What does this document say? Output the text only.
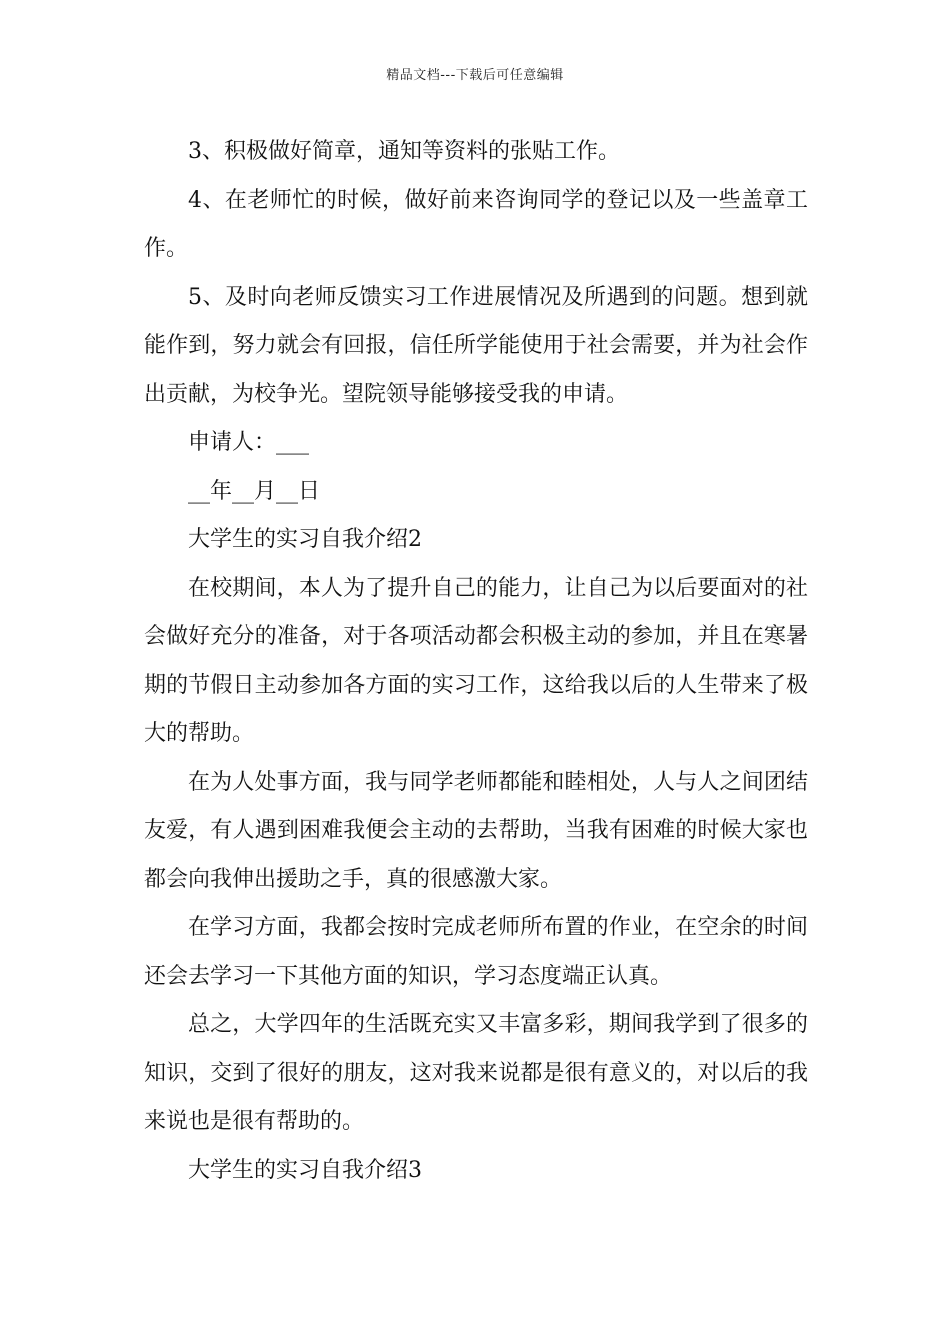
精品文档---下载后可任意编辑

3、积极做好简章，通知等资料的张贴工作。

4、在老师忙的时候，做好前来咨询同学的登记以及一些盖章工作。

5、及时向老师反馈实习工作进展情况及所遇到的问题。想到就能作到，努力就会有回报，信任所学能使用于社会需要，并为社会作出贡献，为校争光。望院领导能够接受我的申请。

申请人：___

__年__月__日

大学生的实习自我介绍2

在校期间，本人为了提升自己的能力，让自己为以后要面对的社会做好充分的准备，对于各项活动都会积极主动的参加，并且在寒暑期的节假日主动参加各方面的实习工作，这给我以后的人生带来了极大的帮助。

在为人处事方面，我与同学老师都能和睦相处，人与人之间团结友爱，有人遇到困难我便会主动的去帮助，当我有困难的时候大家也都会向我伸出援助之手，真的很感激大家。

在学习方面，我都会按时完成老师所布置的作业，在空余的时间还会去学习一下其他方面的知识，学习态度端正认真。

总之，大学四年的生活既充实又丰富多彩，期间我学到了很多的知识，交到了很好的朋友，这对我来说都是很有意义的，对以后的我来说也是很有帮助的。

大学生的实习自我介绍3
